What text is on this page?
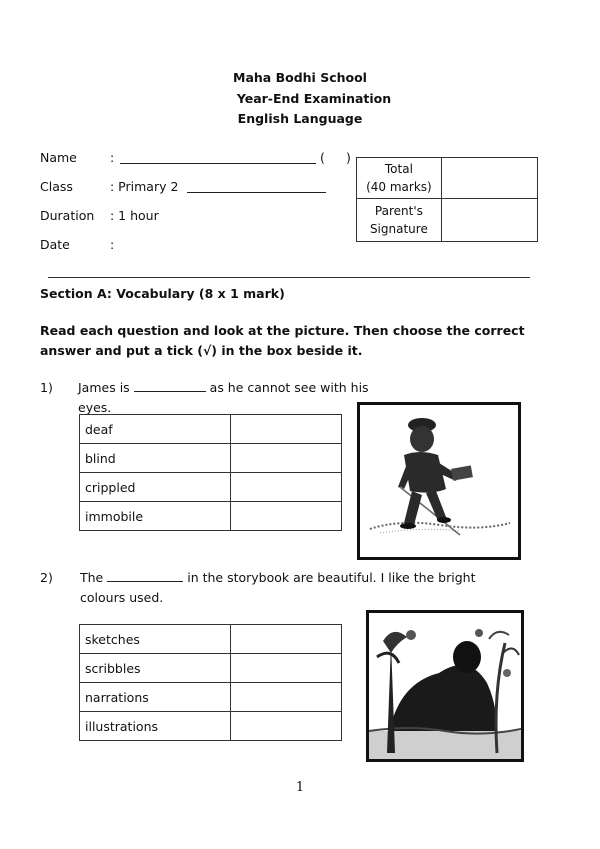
Maha Bodhi School
Year-End Examination
English Language
Name	:	( )
Class	: Primary 2
Duration : 1 hour
Date	:
Total
(40 marks)	

Parent's
Signature	

Section A: Vocabulary (8 x 1 mark)
Read each question and look at the picture. Then choose the correct answer and put a tick (√) in the box beside it.
1) James is	as he cannot see with his eyes.
deaf	
blind	
crippled	
immobile	
2) The	in the storybook are beautiful. I like the bright
colours used.
sketches	
scribbles	
narrations	
illustrations	
1
